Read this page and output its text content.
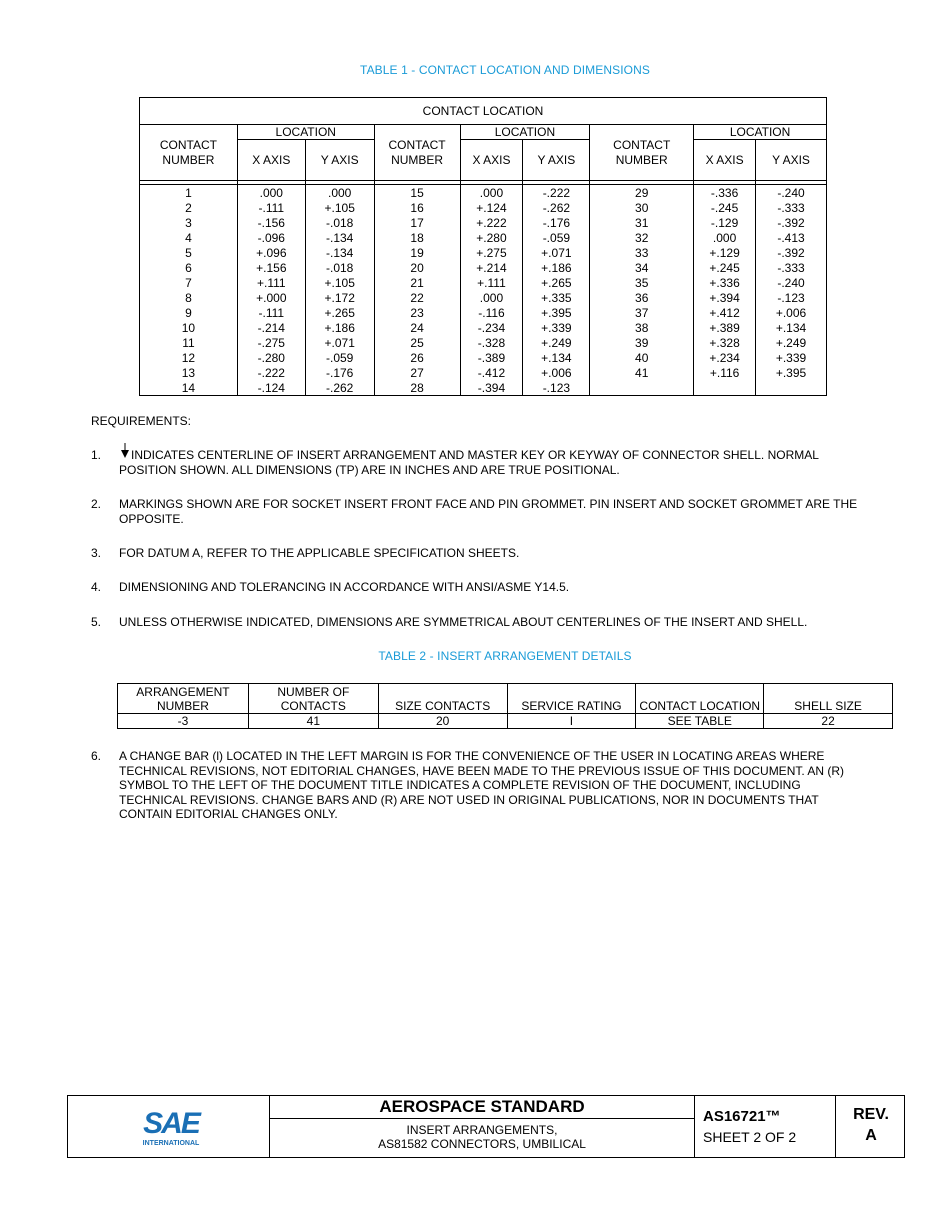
TABLE 1 - CONTACT LOCATION AND DIMENSIONS
CONTACT LOCATION								
CONTACT NUMBER	LOCATION		CONTACT NUMBER	LOCATION		CONTACT NUMBER	LOCATION	
	X AXIS	Y AXIS		X AXIS	Y AXIS		X AXIS	Y AXIS

1	.000	.000	15	.000	-.222	29	-.336	-.240
2	-.111	+.105	16	+.124	-.262	30	-.245	-.333
3	-.156	-.018	17	+.222	-.176	31	-.129	-.392
4	-.096	-.134	18	+.280	-.059	32	.000	-.413
5	+.096	-.134	19	+.275	+.071	33	+.129	-.392
6	+.156	-.018	20	+.214	+.186	34	+.245	-.333
7	+.111	+.105	21	+.111	+.265	35	+.336	-.240
8	+.000	+.172	22	.000	+.335	36	+.394	-.123
9	-.111	+.265	23	-.116	+.395	37	+.412	+.006
10	-.214	+.186	24	-.234	+.339	38	+.389	+.134
11	-.275	+.071	25	-.328	+.249	39	+.328	+.249
12	-.280	-.059	26	-.389	+.134	40	+.234	+.339
13	-.222	-.176	27	-.412	+.006	41	+.116	+.395
14	-.124	-.262	28	-.394	-.123			
REQUIREMENTS:
1.	INDICATES CENTERLINE OF INSERT ARRANGEMENT AND MASTER KEY OR KEYWAY OF CONNECTOR SHELL. NORMAL POSITION SHOWN. ALL DIMENSIONS (TP) ARE IN INCHES AND ARE TRUE POSITIONAL.
2. MARKINGS SHOWN ARE FOR SOCKET INSERT FRONT FACE AND PIN GROMMET. PIN INSERT AND SOCKET GROMMET ARE THE OPPOSITE.
3. FOR DATUM A, REFER TO THE APPLICABLE SPECIFICATION SHEETS.
4. DIMENSIONING AND TOLERANCING IN ACCORDANCE WITH ANSI/ASME Y14.5.
5. UNLESS OTHERWISE INDICATED, DIMENSIONS ARE SYMMETRICAL ABOUT CENTERLINES OF THE INSERT AND SHELL.
TABLE 2 - INSERT ARRANGEMENT DETAILS
ARRANGEMENT NUMBER	NUMBER OF CONTACTS	SIZE CONTACTS	SERVICE RATING	CONTACT LOCATION	SHELL SIZE
-3	41	20	I	SEE TABLE	22
6. A CHANGE BAR (l) LOCATED IN THE LEFT MARGIN IS FOR THE CONVENIENCE OF THE USER IN LOCATING AREAS WHERE TECHNICAL REVISIONS, NOT EDITORIAL CHANGES, HAVE BEEN MADE TO THE PREVIOUS ISSUE OF THIS DOCUMENT. AN (R) SYMBOL TO THE LEFT OF THE DOCUMENT TITLE INDICATES A COMPLETE REVISION OF THE DOCUMENT, INCLUDING TECHNICAL REVISIONS. CHANGE BARS AND (R) ARE NOT USED IN ORIGINAL PUBLICATIONS, NOR IN DOCUMENTS THAT CONTAIN EDITORIAL CHANGES ONLY.
SAE
INTERNATIONAL
AEROSPACE STANDARD
INSERT ARRANGEMENTS,
AS81582 CONNECTORS, UMBILICAL
AS16721™
SHEET 2 OF 2
REV.
A
